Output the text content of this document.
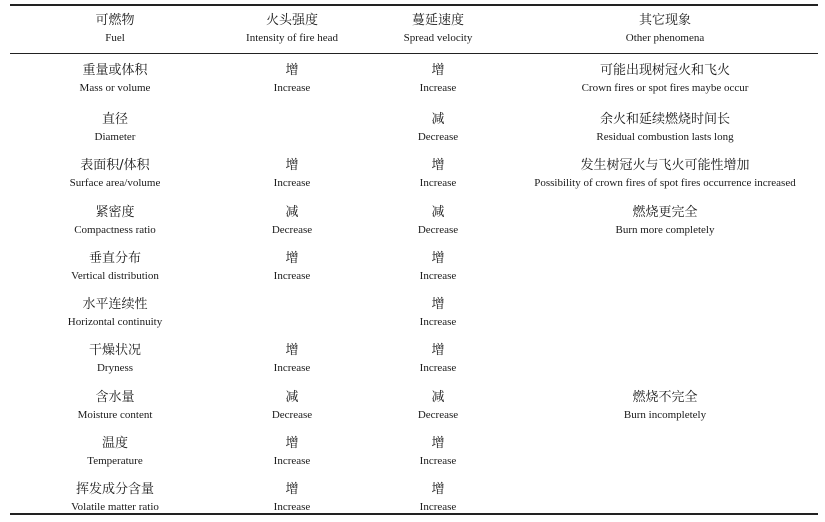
可燃物
Fuel	火头强度
Intensity of fire head	蔓延速度
Spread velocity	其它现象
Other phenomena

重量或体积
Mass or volume	增
Increase	增
Increase	可能出现树冠火和飞火
Crown fires or spot fires maybe occur

直径
Diameter		减
Decrease	余火和延续燃烧时间长
Residual combustion lasts long

表面积/体积
Surface area/volume	增
Increase	增
Increase	发生树冠火与飞火可能性增加
Possibility of crown fires of spot fires occurrence increased

紧密度
Compactness ratio	减
Decrease	减
Decrease	燃烧更完全
Burn more completely

垂直分布
Vertical distribution	增
Increase	增
Increase	

水平连续性
Horizontal continuity		增
Increase	

干燥状况
Dryness	增
Increase	增
Increase	

含水量
Moisture content	减
Decrease	减
Decrease	燃烧不完全
Burn incompletely

温度
Temperature	增
Increase	增
Increase	

挥发成分含量
Volatile matter ratio	增
Increase	增
Increase	
